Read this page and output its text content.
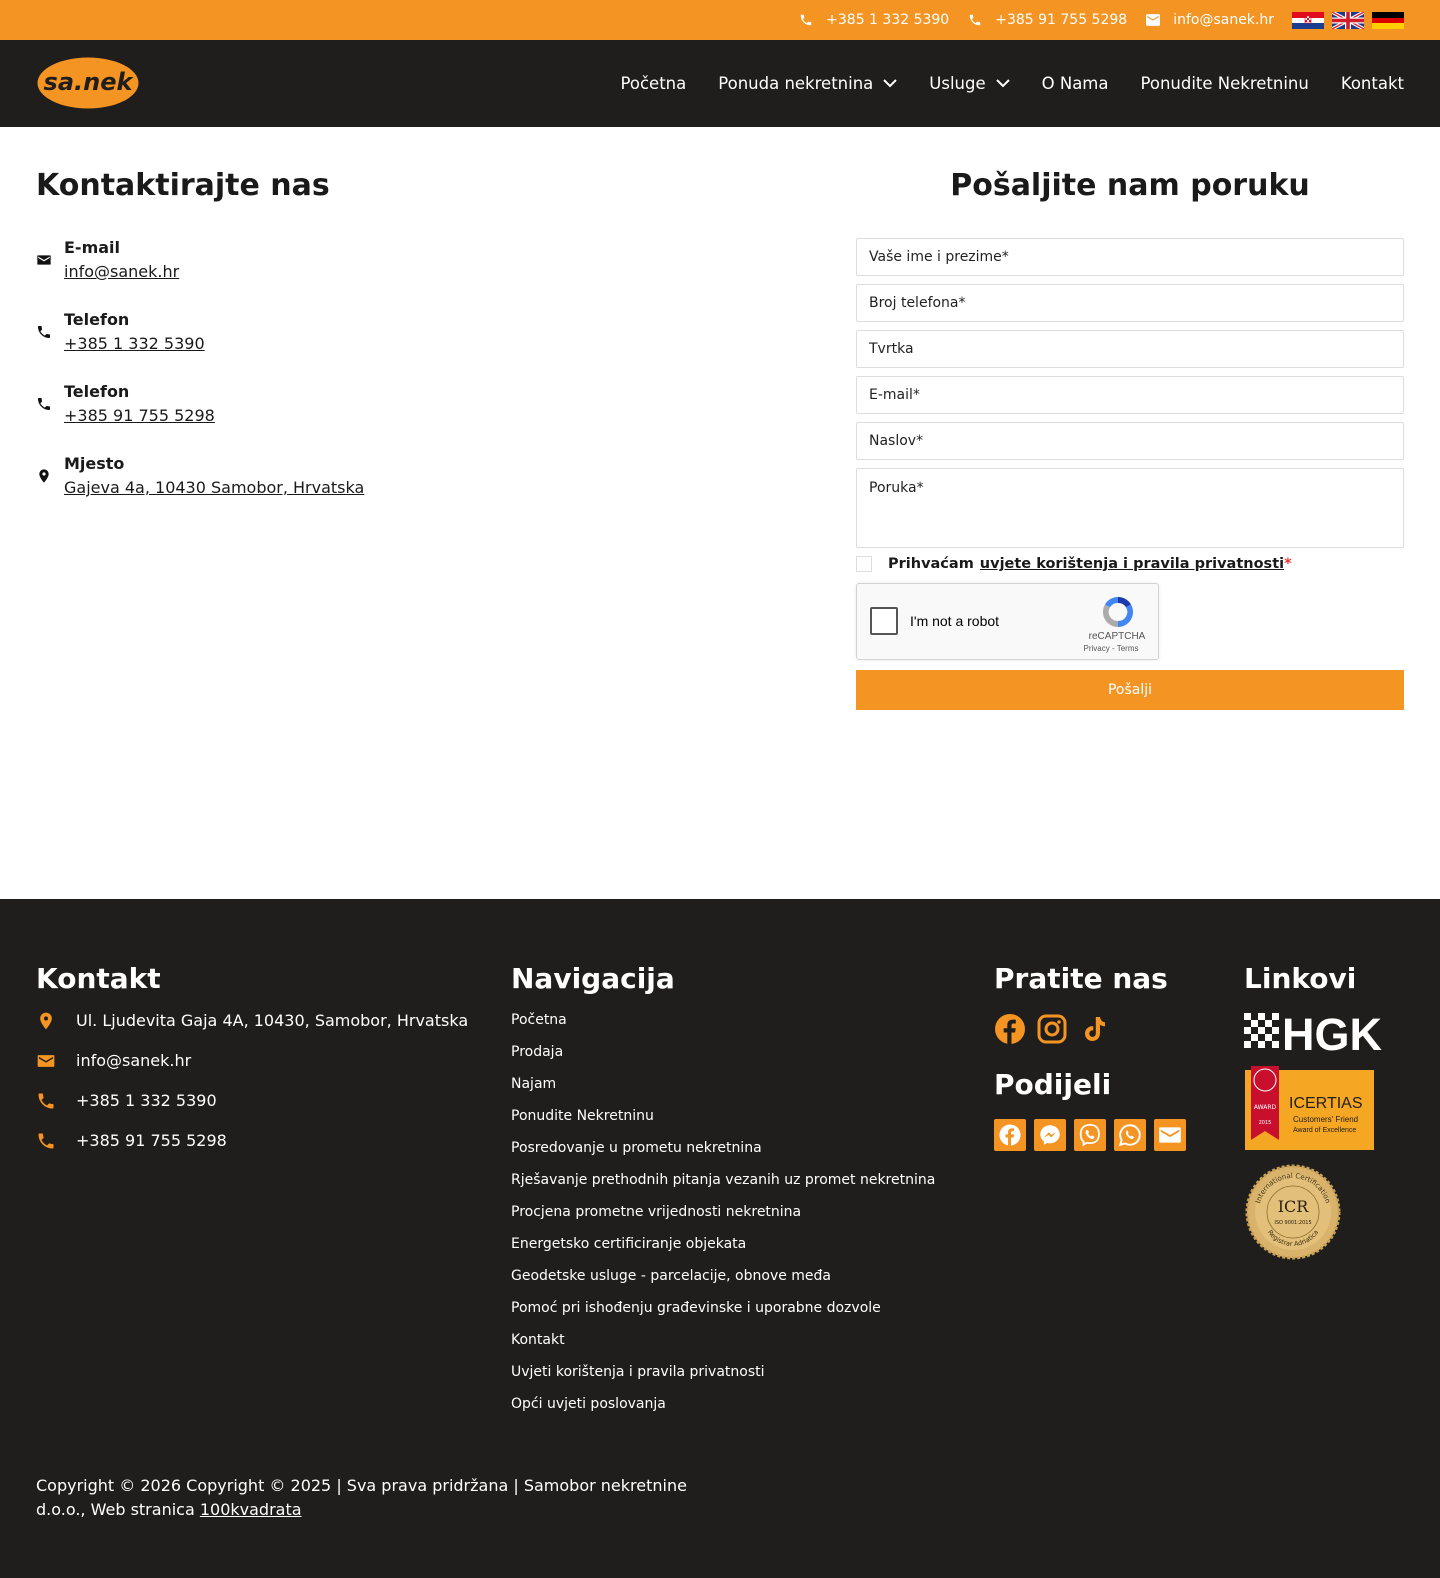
+385 1 332 5390	+385 91 755 5298	info@sanek.hr
sa.nek	Početna Ponuda nekretnina	Usluge	O Nama Ponudite Nekretninu Kontakt
Kontaktirajte nas
E-mail
info@sanek.hr
Telefon
+385 1 332 5390
Telefon
+385 91 755 5298
Mjesto
Gajeva 4a, 10430 Samobor, Hrvatska
Pošaljite nam poruku
Vaše ime i prezime*
Broj telefona*
Tvrtka
E-mail*
Naslov*
Poruka*
Prihvaćam uvjete korištenja i pravila privatnosti *
I'm not a robot
reCAPTCHA
Privacy - Terms
Pošalji
Kontakt
Ul. Ljudevita Gaja 4A, 10430, Samobor, Hrvatska
info@sanek.hr
+385 1 332 5390
+385 91 755 5298
Navigacija
Početna
Prodaja
Najam
Ponudite Nekretninu
Posredovanje u prometu nekretnina
Rješavanje prethodnih pitanja vezanih uz promet nekretnina
Procjena prometne vrijednosti nekretnina
Energetsko certificiranje objekata
Geodetske usluge - parcelacije, obnove međa
Pomoć pri ishođenju građevinske i uporabne dozvole
Kontakt
Uvjeti korištenja i pravila privatnosti
Opći uvjeti poslovanja
Pratite nas
Podijeli
Linkovi
HGK
AWARD
2015
ICERTIAS
Customers' Friend
Award of Excellence
International Certification
Registrar Adriatica
ICR
ISO 9001:2015
Copyright © 2026 Copyright © 2025 | Sva prava pridržana | Samobor nekretnine d.o.o., Web stranica 100kvadrata
